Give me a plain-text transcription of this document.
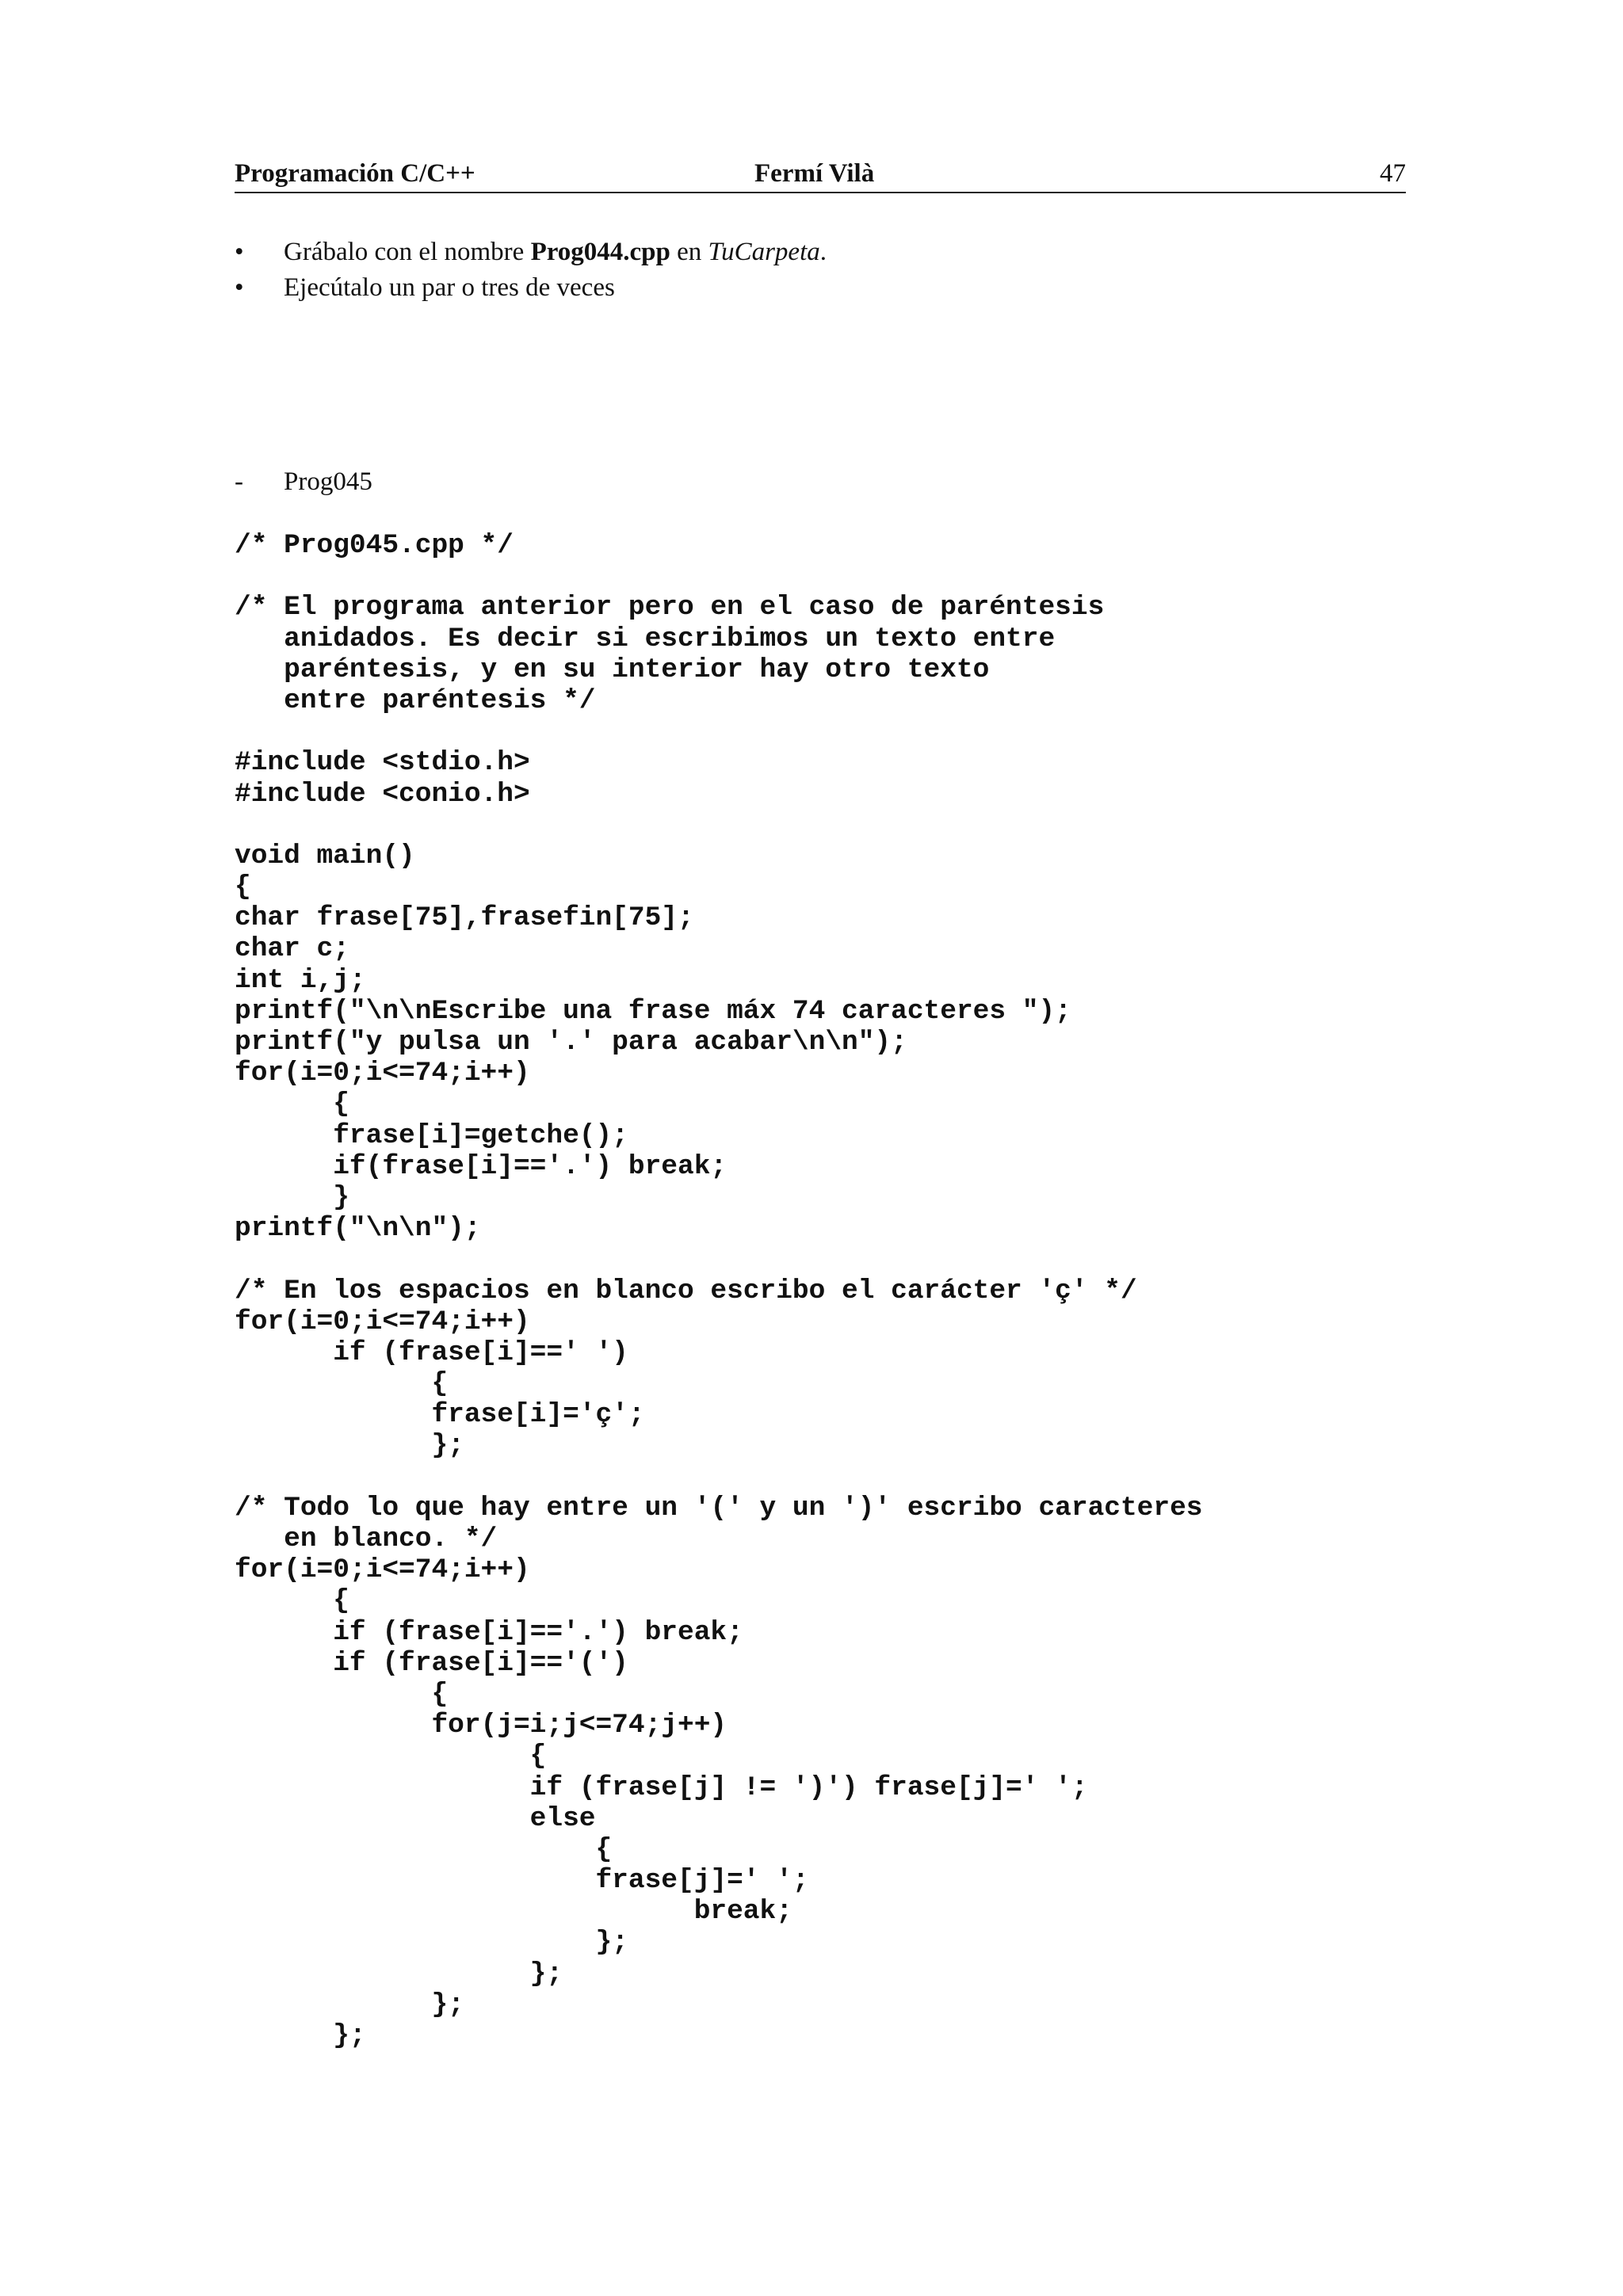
Programación C/C++	Fermí Vilà	47
• Grábalo con el nombre Prog044.cpp en TuCarpeta.
• Ejecútalo un par o tres de veces
- Prog045
/* Prog045.cpp */
/* El programa anterior pero en el caso de paréntesis
anidados. Es decir si escribimos un texto entre
paréntesis, y en su interior hay otro texto
entre paréntesis */
#include <stdio.h>
#include <conio.h>
void main()
{
char frase[75],frasefin[75];
char c;
int i,j;
printf("\n\nEscribe una frase máx 74 caracteres ");
printf("y pulsa un '.' para acabar\n\n");
for(i=0;i<=74;i++)
{
frase[i]=getche();
if(frase[i]=='.') break;
}
printf("\n\n");
/* En los espacios en blanco escribo el carácter 'ç' */
for(i=0;i<=74;i++)
if (frase[i]==' ')
{
frase[i]='ç';
};
/* Todo lo que hay entre un '(' y un ')' escribo caracteres
en blanco. */
for(i=0;i<=74;i++)
{
if (frase[i]=='.') break;
if (frase[i]=='(')
{
for(j=i;j<=74;j++)
{
if (frase[j] != ')') frase[j]=' ';
else
{
frase[j]=' ';
break;
};
};
};
};
